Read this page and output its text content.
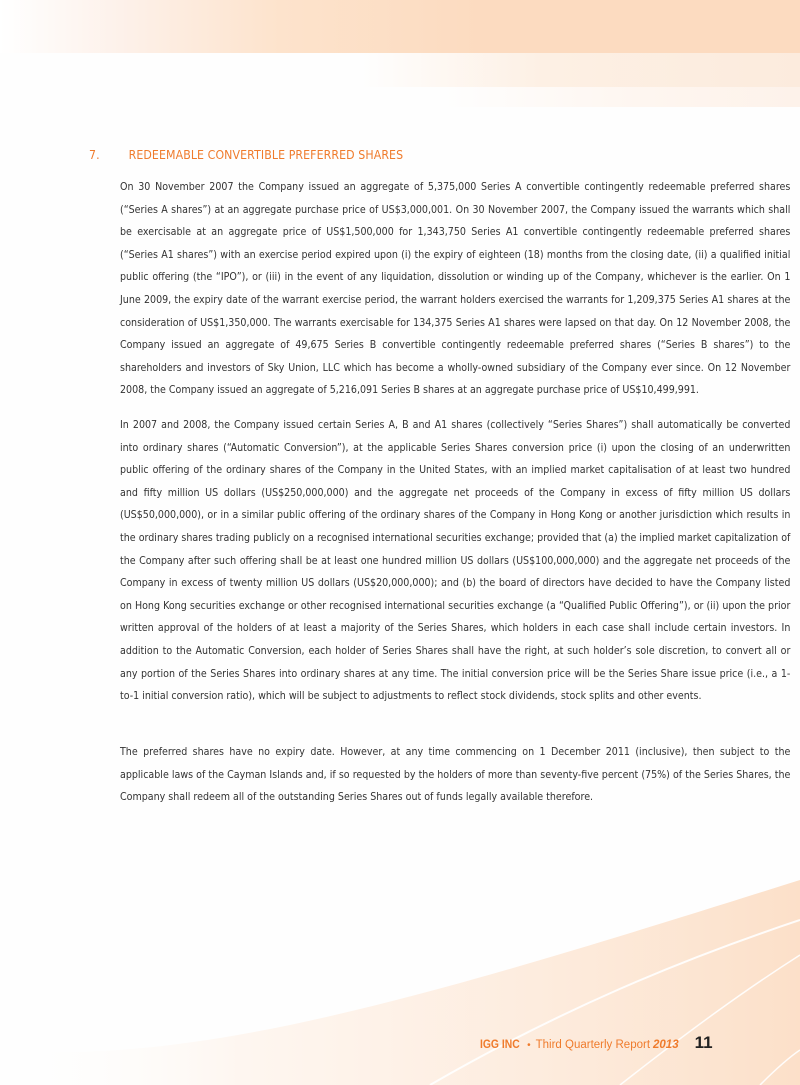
7.	REDEEMABLE CONVERTIBLE PREFERRED SHARES
On 30 November 2007 the Company issued an aggregate of 5,375,000 Series A convertible contingently redeemable preferred shares (“Series A shares”) at an aggregate purchase price of US$3,000,001. On 30 November 2007, the Company issued the warrants which shall be exercisable at an aggregate price of US$1,500,000 for 1,343,750 Series A1 convertible contingently redeemable preferred shares (“Series A1 shares”) with an exercise period expired upon (i) the expiry of eighteen (18) months from the closing date, (ii) a qualified initial public offering (the “IPO”), or (iii) in the event of any liquidation, dissolution or winding up of the Company, whichever is the earlier. On 1 June 2009, the expiry date of the warrant exercise period, the warrant holders exercised the warrants for 1,209,375 Series A1 shares at the consideration of US$1,350,000. The warrants exercisable for 134,375 Series A1 shares were lapsed on that day. On 12 November 2008, the Company issued an aggregate of 49,675 Series B convertible contingently redeemable preferred shares (“Series B shares”) to the shareholders and investors of Sky Union, LLC which has become a wholly-owned subsidiary of the Company ever since. On 12 November 2008, the Company issued an aggregate of 5,216,091 Series B shares at an aggregate purchase price of US$10,499,991.
In 2007 and 2008, the Company issued certain Series A, B and A1 shares (collectively “Series Shares”) shall automatically be converted into ordinary shares (“Automatic Conversion”), at the applicable Series Shares conversion price (i) upon the closing of an underwritten public offering of the ordinary shares of the Company in the United States, with an implied market capitalisation of at least two hundred and fifty million US dollars (US$250,000,000) and the aggregate net proceeds of the Company in excess of fifty million US dollars (US$50,000,000), or in a similar public offering of the ordinary shares of the Company in Hong Kong or another jurisdiction which results in the ordinary shares trading publicly on a recognised international securities exchange; provided that (a) the implied market capitalization of the Company after such offering shall be at least one hundred million US dollars (US$100,000,000) and the aggregate net proceeds of the Company in excess of twenty million US dollars (US$20,000,000); and (b) the board of directors have decided to have the Company listed on Hong Kong securities exchange or other recognised international securities exchange (a “Qualified Public Offering”), or (ii) upon the prior written approval of the holders of at least a majority of the Series Shares, which holders in each case shall include certain investors. In addition to the Automatic Conversion, each holder of Series Shares shall have the right, at such holder’s sole discretion, to convert all or any portion of the Series Shares into ordinary shares at any time. The initial conversion price will be the Series Share issue price (i.e., a 1-to-1 initial conversion ratio), which will be subject to adjustments to reflect stock dividends, stock splits and other events.
The preferred shares have no expiry date. However, at any time commencing on 1 December 2011 (inclusive), then subject to the applicable laws of the Cayman Islands and, if so requested by the holders of more than seventy-five percent (75%) of the Series Shares, the Company shall redeem all of the outstanding Series Shares out of funds legally available therefore.
IGG INC • Third Quarterly Report 2013 11
